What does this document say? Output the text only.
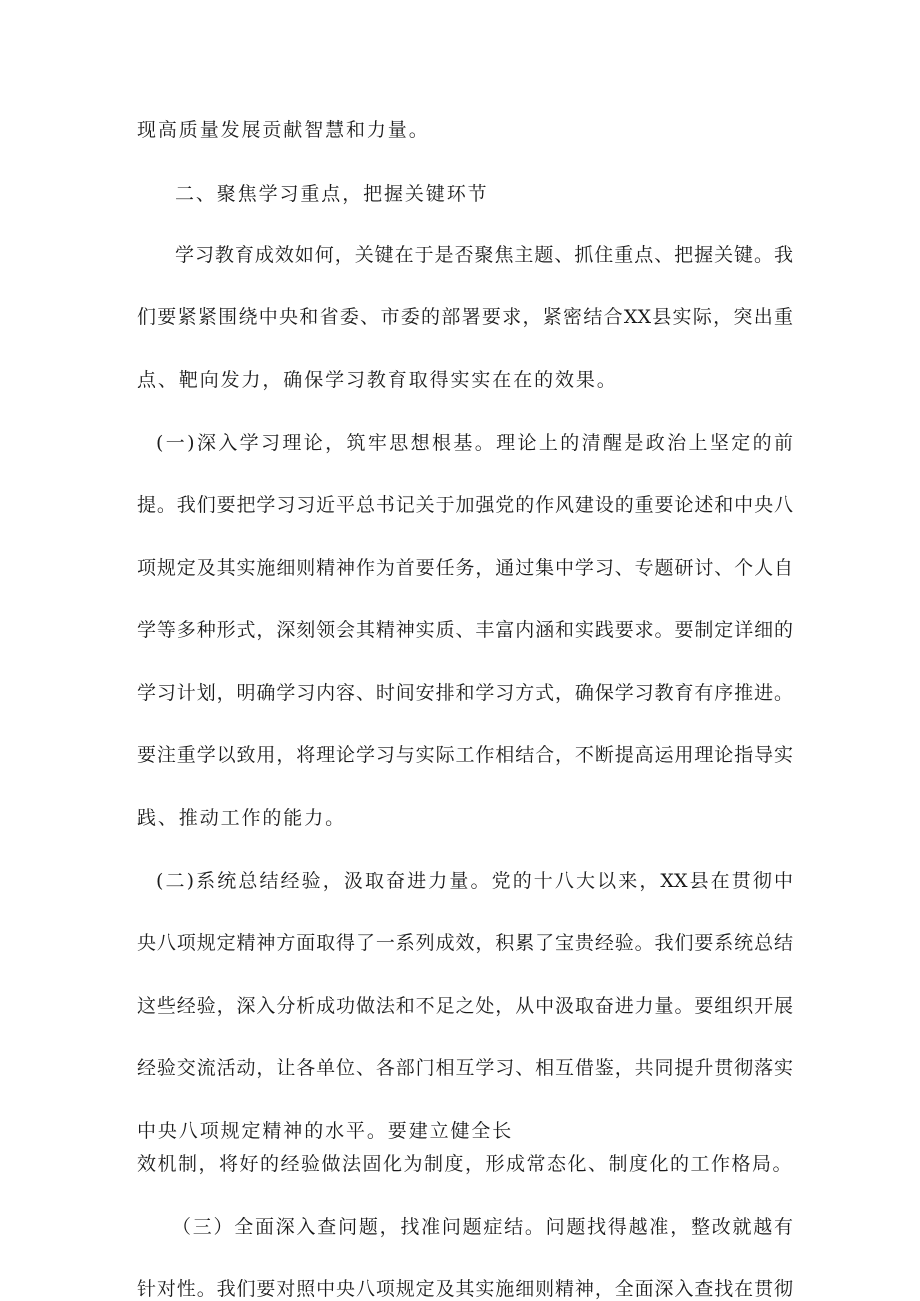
现高质量发展贡献智慧和力量。
二、聚焦学习重点，把握关键环节
学习教育成效如何，关键在于是否聚焦主题、抓住重点、把握关键。我
们要紧紧围绕中央和省委、市委的部署要求，紧密结合XX县实际，突出重
点、靶向发力，确保学习教育取得实实在在的效果。
(一)深入学习理论，筑牢思想根基。理论上的清醒是政治上坚定的前
提。我们要把学习习近平总书记关于加强党的作风建设的重要论述和中央八
项规定及其实施细则精神作为首要任务，通过集中学习、专题研讨、个人自
学等多种形式，深刻领会其精神实质、丰富内涵和实践要求。要制定详细的
学习计划，明确学习内容、时间安排和学习方式，确保学习教育有序推进。
要注重学以致用，将理论学习与实际工作相结合，不断提高运用理论指导实
践、推动工作的能力。
(二)系统总结经验，汲取奋进力量。党的十八大以来，XX县在贯彻中
央八项规定精神方面取得了一系列成效，积累了宝贵经验。我们要系统总结
这些经验，深入分析成功做法和不足之处，从中汲取奋进力量。要组织开展
经验交流活动，让各单位、各部门相互学习、相互借鉴，共同提升贯彻落实
中央八项规定精神的水平。要建立健全长
效机制，将好的经验做法固化为制度，形成常态化、制度化的工作格局。
（三）全面深入查问题，找准问题症结。问题找得越准，整改就越有
针对性。我们要对照中央八项规定及其实施细则精神，全面深入查找在贯彻
